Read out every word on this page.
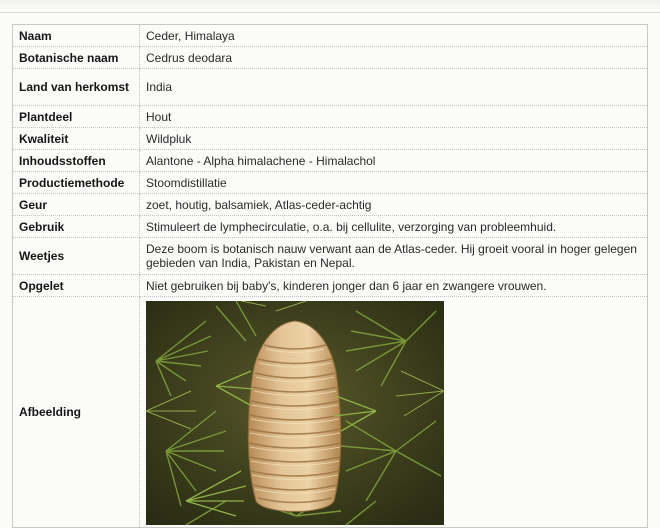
Naam	Ceder, Himalaya
Botanische naam	Cedrus deodara
Land van herkomst	India
Plantdeel	Hout
Kwaliteit	Wildpluk
Inhoudsstoffen	Alantone - Alpha himalachene - Himalachol
Productiemethode	Stoomdistillatie
Geur	zoet, houtig, balsamiek, Atlas-ceder-achtig
Gebruik	Stimuleert de lymphecirculatie, o.a. bij cellulite, verzorging van probleemhuid.
Weetjes	Deze boom is botanisch nauw verwant aan de Atlas-ceder. Hij groeit vooral in hoger gelegen gebieden van India, Pakistan en Nepal.
Opgelet	Niet gebruiken bij baby's, kinderen jonger dan 6 jaar en zwangere vrouwen.
Afbeelding	
